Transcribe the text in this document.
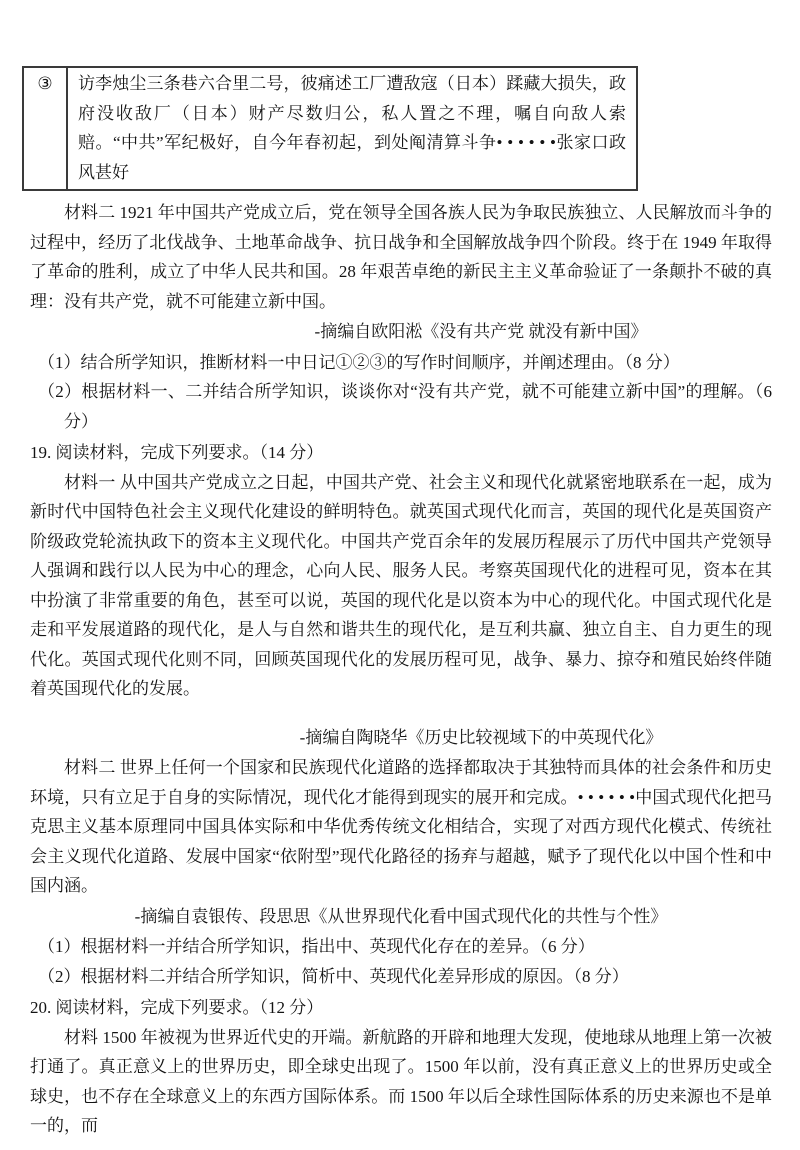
③	访李烛尘三条巷六合里二号，彼痛述工厂遭敌寇（日本）蹂藏大损失，政府没收敌厂（日本）财产尽数归公，私人置之不理，嘱自向敌人索赔。“中共”军纪极好，自今年春初起，到处阄清算斗争• • • • • •张家口政风甚好

材料二 1921 年中国共产党成立后，党在领导全国各族人民为争取民族独立、人民解放而斗争的过程中，经历了北伐战争、土地革命战争、抗日战争和全国解放战争四个阶段。终于在 1949 年取得了革命的胜利，成立了中华人民共和国。28 年艰苦卓绝的新民主主义革命验证了一条颠扑不破的真理：没有共产党，就不可能建立新中国。

-摘编自欧阳淞《没有共产党 就没有新中国》

（1）结合所学知识，推断材料一中日记①②③的写作时间顺序，并阐述理由。（8 分）

（2）根据材料一、二并结合所学知识，谈谈你对“没有共产党，就不可能建立新中国”的理解。（6 分）

19. 阅读材料，完成下列要求。（14 分）

材料一 从中国共产党成立之日起，中国共产党、社会主义和现代化就紧密地联系在一起，成为新时代中国特色社会主义现代化建设的鲜明特色。就英国式现代化而言，英国的现代化是英国资产阶级政党轮流执政下的资本主义现代化。中国共产党百余年的发展历程展示了历代中国共产党领导人强调和践行以人民为中心的理念，心向人民、服务人民。考察英国现代化的进程可见，资本在其中扮演了非常重要的角色，甚至可以说，英国的现代化是以资本为中心的现代化。中国式现代化是走和平发展道路的现代化，是人与自然和谐共生的现代化，是互利共赢、独立自主、自力更生的现代化。英国式现代化则不同，回顾英国现代化的发展历程可见，战争、暴力、掠夺和殖民始终伴随着英国现代化的发展。

-摘编自陶晓华《历史比较视域下的中英现代化》

材料二 世界上任何一个国家和民族现代化道路的选择都取决于其独特而具体的社会条件和历史环境，只有立足于自身的实际情况，现代化才能得到现实的展开和完成。• • • • • •中国式现代化把马克思主义基本原理同中国具体实际和中华优秀传统文化相结合，实现了对西方现代化模式、传统社会主义现代化道路、发展中国家“依附型”现代化路径的扬弃与超越，赋予了现代化以中国个性和中国内涵。

-摘编自袁银传、段思思《从世界现代化看中国式现代化的共性与个性》

（1）根据材料一并结合所学知识，指出中、英现代化存在的差异。（6 分）

（2）根据材料二并结合所学知识，简析中、英现代化差异形成的原因。（8 分）

20. 阅读材料，完成下列要求。（12 分）

材料 1500 年被视为世界近代史的开端。新航路的开辟和地理大发现，使地球从地理上第一次被打通了。真正意义上的世界历史，即全球史出现了。1500 年以前，没有真正意义上的世界历史或全球史，也不存在全球意义上的东西方国际体系。而 1500 年以后全球性国际体系的历史来源也不是单一的，而
